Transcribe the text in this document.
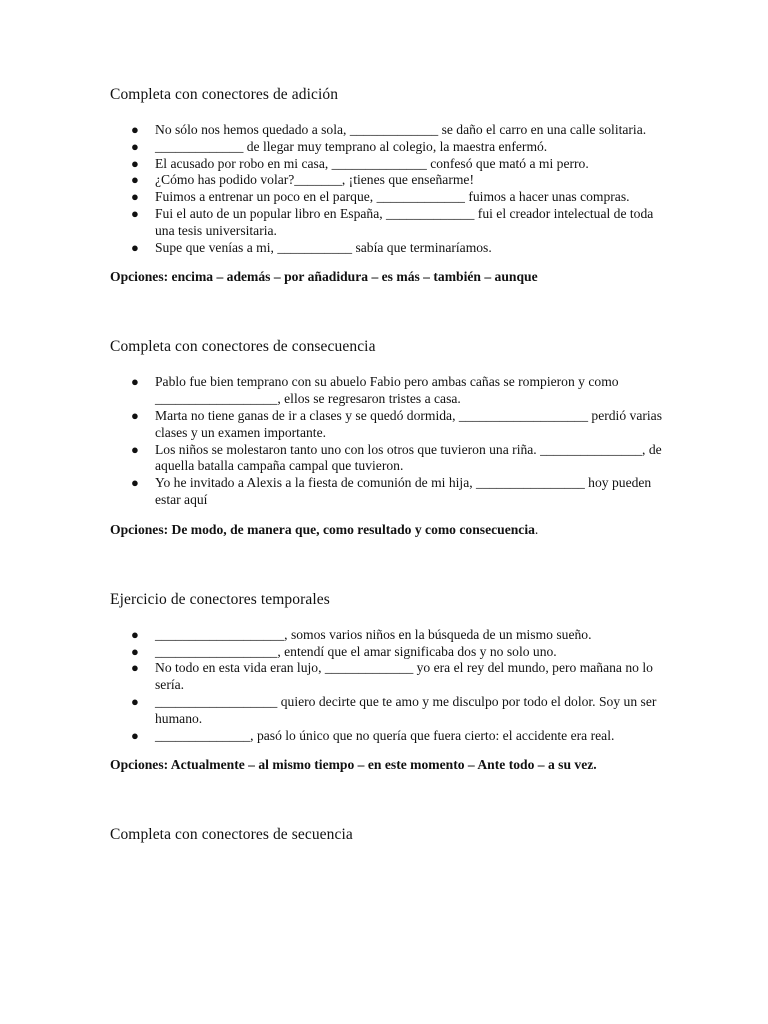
Completa con conectores de adición
● No sólo nos hemos quedado a sola, _____________ se daño el carro en una calle solitaria.
● _____________ de llegar muy temprano al colegio, la maestra enfermó.
● El acusado por robo en mi casa, ______________ confesó que mató a mi perro.
● ¿Cómo has podido volar?_______, ¡tienes que enseñarme!
● Fuimos a entrenar un poco en el parque, _____________ fuimos a hacer unas compras.
● Fui el auto de un popular libro en España, _____________ fui el creador intelectual de toda una tesis universitaria.
● Supe que venías a mi, ___________ sabía que terminaríamos.

Opciones: encima – además – por añadidura – es más – también – aunque

Completa con conectores de consecuencia
● Pablo fue bien temprano con su abuelo Fabio pero ambas cañas se rompieron y como __________________, ellos se regresaron tristes a casa.
● Marta no tiene ganas de ir a clases y se quedó dormida, ___________________ perdió varias clases y un examen importante.
● Los niños se molestaron tanto uno con los otros que tuvieron una riña. _______________, de aquella batalla campaña campal que tuvieron.
● Yo he invitado a Alexis a la fiesta de comunión de mi hija, ________________ hoy pueden estar aquí

Opciones: De modo, de manera que, como resultado y como consecuencia.

Ejercicio de conectores temporales
● ___________________, somos varios niños en la búsqueda de un mismo sueño.
● __________________, entendí que el amar significaba dos y no solo uno.
● No todo en esta vida eran lujo, _____________ yo era el rey del mundo, pero mañana no lo sería.
● __________________ quiero decirte que te amo y me disculpo por todo el dolor. Soy un ser humano.
● ______________, pasó lo único que no quería que fuera cierto: el accidente era real.

Opciones: Actualmente – al mismo tiempo – en este momento – Ante todo – a su vez.

Completa con conectores de secuencia
